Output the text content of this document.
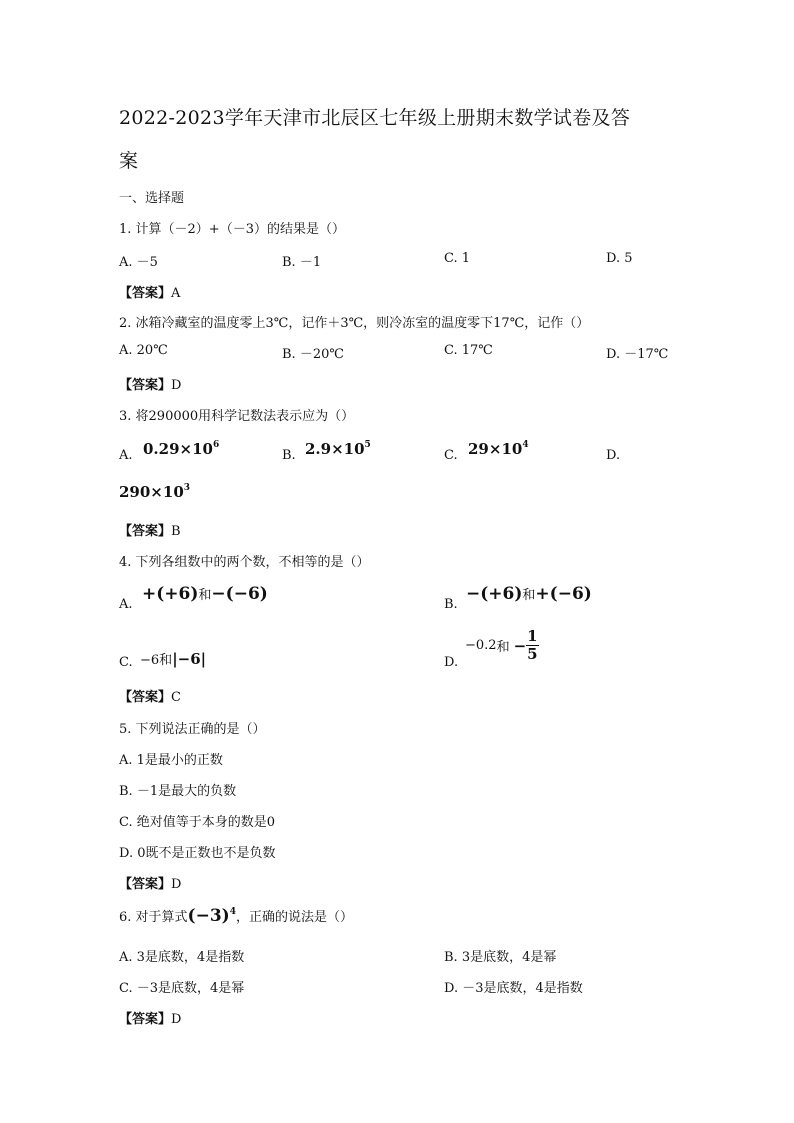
2022-2023学年天津市北辰区七年级上册期末数学试卷及答
案
一、选择题
1. 计算（－2）+（－3）的结果是（）
A. －5	B. －1	C. 1	D. 5
【答案】A
2. 冰箱冷藏室的温度零上3℃，记作＋3℃，则冷冻室的温度零下17℃，记作（）
A. 20℃	B. －20℃	C. 17℃	D. －17℃
【答案】D
3. 将290000用科学记数法表示应为（）
A. $0.29\times 10^6$
B. $2.9\times 10^5$
C. $29\times 10^4$
D.
$290\times 10^3$
【答案】B
4. 下列各组数中的两个数，不相等的是（）
A.
+(+6)和−(−6)
B.
−(+6)和+(−6)
C. −6和|−6|	D.
−0.2和 − $\frac{1}{5}$
【答案】C
5. 下列说法正确的是（）
A. 1是最小的正数
B. －1是最大的负数
C. 绝对值等于本身的数是0
D. 0既不是正数也不是负数
【答案】D
6. 对于算式$(-3)^4$，正确的说法是（）
A. 3是底数，4是指数	B. 3是底数，4是幂
C. －3是底数，4是幂	D. －3是底数，4是指数
【答案】D
